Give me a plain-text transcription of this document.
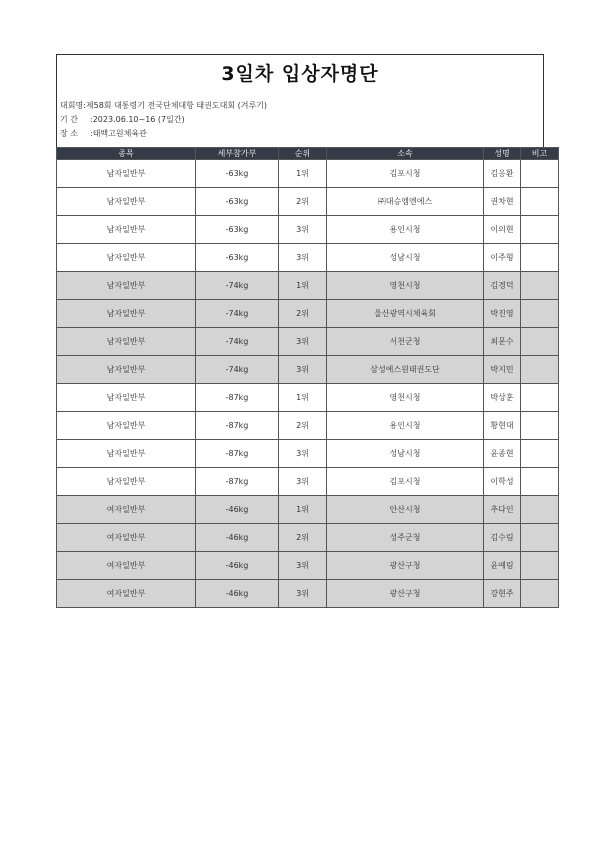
3일차 입상자명단
대회명 : 제58회 대통령기 전국단체대항 태권도대회 (겨루기)
기 간	: 2023.06.10~16 (7일간)
장 소	: 태백고원체육관
종목	세부참가부	순위	소속	성명	비고
남자일반부	-63kg	1위	김포시청	김응환	
남자일반부	-63kg	2위	㈜대승엠엔에스	권차현	
남자일반부	-63kg	3위	용인시청	이의현	
남자일반부	-63kg	3위	성남시청	이주형	
남자일반부	-74kg	1위	영천시청	김경덕	
남자일반부	-74kg	2위	울산광역시체육회	박진영	
남자일반부	-74kg	3위	서천군청	최문수	
남자일반부	-74kg	3위	삼성에스원태권도단	박지민	
남자일반부	-87kg	1위	영천시청	박상훈	
남자일반부	-87kg	2위	용인시청	황현대	
남자일반부	-87kg	3위	성남시청	윤종현	
남자일반부	-87kg	3위	김포시청	이학성	
여자일반부	-46kg	1위	안산시청	추다인	
여자일반부	-46kg	2위	성주군청	김수림	
여자일반부	-46kg	3위	광산구청	윤예림	
여자일반부	-46kg	3위	광산구청	강현주	
